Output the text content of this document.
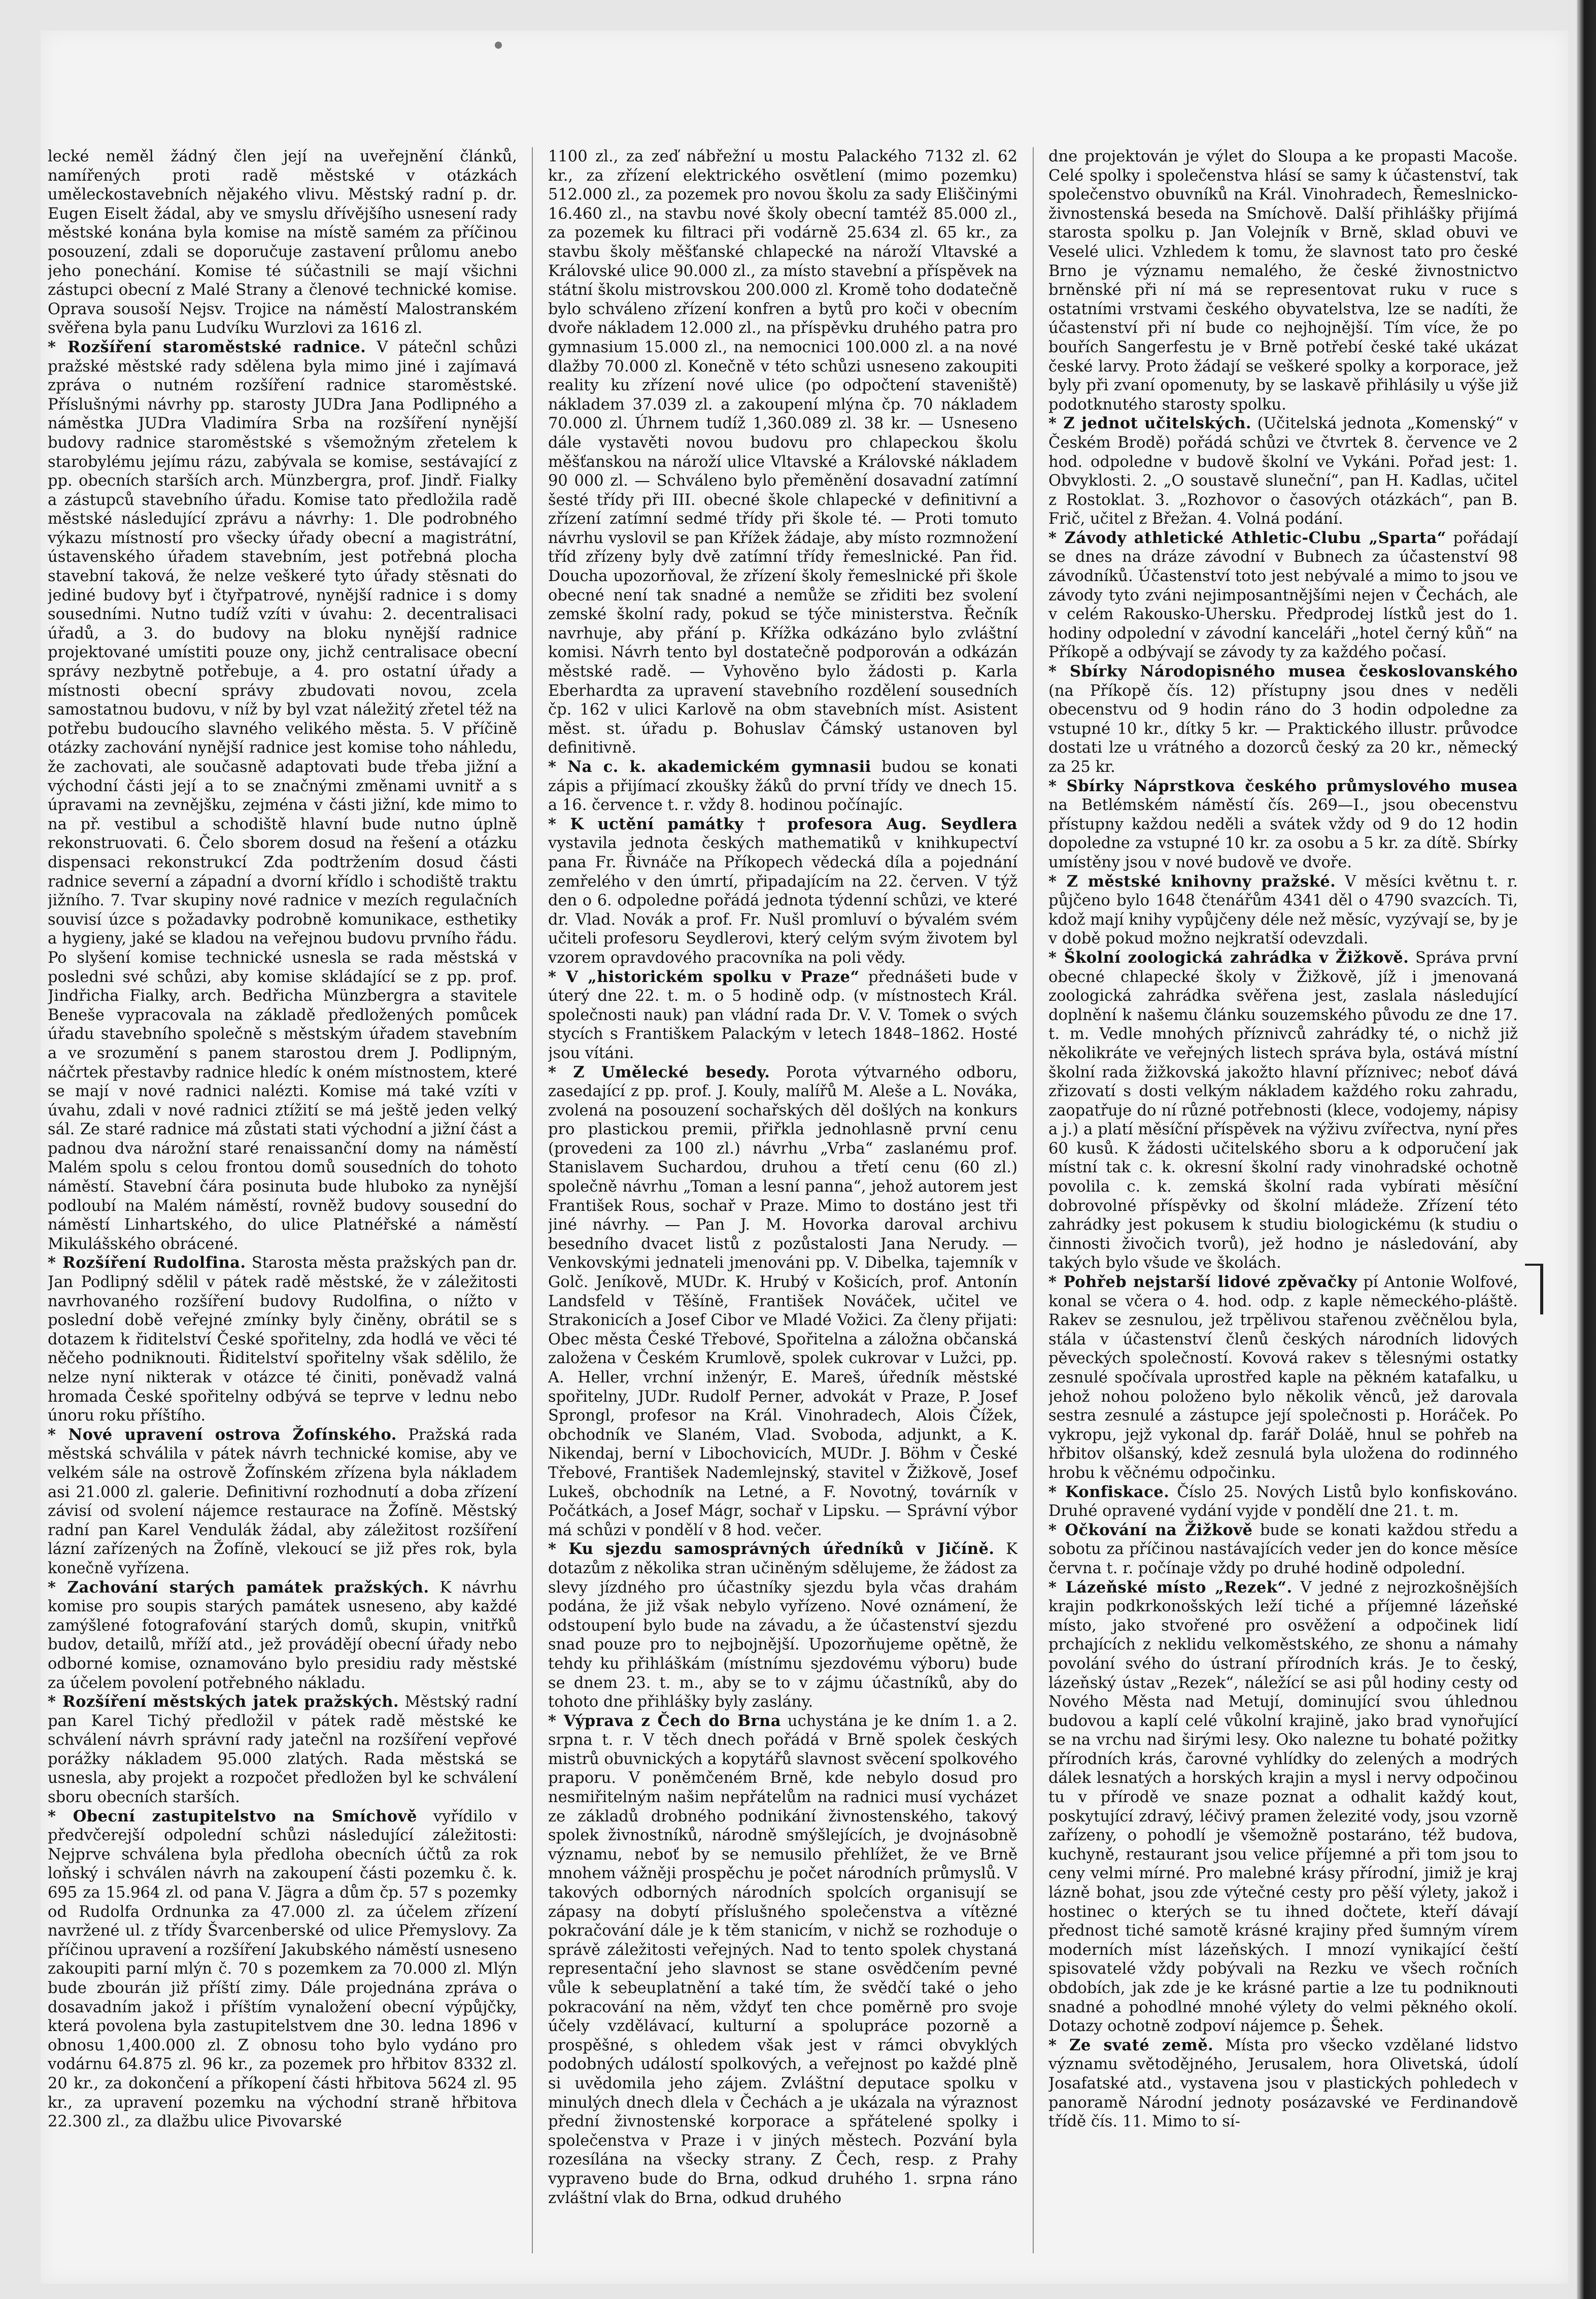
lecké neměl žádný člen její na uveřejnění článků, namířených proti radě městské v otázkách uměleckostavebních nějakého vlivu. Městský radní p. dr. Eugen Eiselt žádal, aby ve smyslu dřívějšího usnesení rady městské konána byla komise na místě samém za příčinou posouzení, zdali se doporučuje zastavení průlomu anebo jeho ponechání. Komise té súčastnili se mají všichni zástupci obecní z Malé Strany a členové technické komise. Oprava sousoší Nejsv. Trojice na náměstí Malostranském svěřena byla panu Ludvíku Wurzlovi za 1616 zl.

* Rozšíření staroměstské radnice. V pátečnl schůzi pražské městské rady sdělena byla mimo jiné i zajímavá zpráva o nutném rozšíření radnice staroměstské. Příslušnými návrhy pp. starosty JUDra Jana Podlipného a náměstka JUDra Vladimíra Srba na rozšíření nynější budovy radnice staroměstské s všemožným zřetelem k starobylému jejímu rázu, zabývala se komise, sestávající z pp. obecních starších arch. Münzbergra, prof. Jindř. Fialky a zástupců stavebního úřadu. Komise tato předložila radě městské následující zprávu a návrhy: 1. Dle podrobného výkazu místností pro všecky úřady obecní a magistrátní, ústavenského úřadem stavebním, jest potřebná plocha stavební taková, že nelze veškeré tyto úřady stěsnati do jediné budovy byť i čtyřpatrové, nynější radnice i s domy sousedními. Nutno tudíž vzíti v úvahu: 2. decentralisaci úřadů, a 3. do budovy na bloku nynější radnice projektované umístiti pouze ony, jichž centralisace obecní správy nezbytně potřebuje, a 4. pro ostatní úřady a místnosti obecní správy zbudovati novou, zcela samostatnou budovu, v níž by byl vzat náležitý zřetel též na potřebu budoucího slavného velikého města. 5. V příčině otázky zachování nynější radnice jest komise toho náhledu, že zachovati, ale současně adaptovati bude třeba jižní a východní části její a to se značnými změnami uvnitř a s úpravami na zevnějšku, zejména v části jižní, kde mimo to na př. vestibul a schodiště hlavní bude nutno úplně rekonstruovati. 6. Čelo sborem dosud na řešení a otázku dispensaci rekonstrukcí Zda podtržením dosud části radnice severní a západní a dvorní křídlo i schodiště traktu jižního. 7. Tvar skupiny nové radnice v mezích regulačních souvisí úzce s požadavky podrobně komunikace, esthetiky a hygieny, jaké se kladou na veřejnou budovu prvního řádu. Po slyšení komise technické usnesla se rada městská v posledni své schůzi, aby komise skládající se z pp. prof. Jindřicha Fialky, arch. Bedřicha Münzbergra a stavitele Beneše vypracovala na základě předložených pomůcek úřadu stavebního společně s městským úřadem stavebním a ve srozumění s panem starostou drem J. Podlipným, náčrtek přestavby radnice hledíc k oném místnostem, které se mají v nové radnici nalézti. Komise má také vzíti v úvahu, zdali v nové radnici ztížití se má ještě jeden velký sál. Ze staré radnice má zůstati stati východní a jižní část a padnou dva nárožní staré renaissanční domy na náměstí Malém spolu s celou frontou domů sousedních do tohoto náměstí. Stavební čára posinuta bude hluboko za nynější podloubí na Malém náměstí, rovněž budovy sousední do náměstí Linhartského, do ulice Platnéřské a náměstí Mikulášského obrácené.

* Rozšíření Rudolfina. Starosta města pražských pan dr. Jan Podlipný sdělil v pátek radě městské, že v záležitosti navrhovaného rozšíření budovy Rudolfina, o nížto v poslední době veřejné zmínky byly činěny, obrátil se s dotazem k řiditelství České spořitelny, zda hodlá ve věci té něčeho podniknouti. Řiditelství spořitelny však sdělilo, že nelze nyní nikterak v otázce té činiti, poněvadž valná hromada České spořitelny odbývá se teprve v lednu nebo únoru roku příštího.

* Nové upravení ostrova Žofínského. Pražská rada městská schválila v pátek návrh technické komise, aby ve velkém sále na ostrově Žofínském zřízena byla nákladem asi 21.000 zl. galerie. Definitivní rozhodnutí a doba zřízení závisí od svolení nájemce restaurace na Žofíně. Městský radní pan Karel Vendulák žádal, aby záležitost rozšíření lázní zařízených na Žofíně, vlekoucí se již přes rok, byla konečně vyřízena.

* Zachování starých památek pražských. K návrhu komise pro soupis starých památek usneseno, aby každé zamýšlené fotografování starých domů, skupin, vnitřků budov, detailů, mříží atd., jež provádějí obecní úřady nebo odborné komise, oznamováno bylo presidiu rady městské za účelem povolení potřebného nákladu.

* Rozšíření městských jatek pražských. Městský radní pan Karel Tichý předložil v pátek radě městské ke schválení návrh správní rady jatečnl na rozšíření vepřové porážky nákladem 95.000 zlatých. Rada městská se usnesla, aby projekt a rozpočet předložen byl ke schválení sboru obecních starších.

* Obecní zastupitelstvo na Smíchově vyřídilo v předvčerejší odpolední schůzi následující záležitosti: Nejprve schválena byla předloha obecních účtů za rok loňský i schválen návrh na zakoupení části pozemku č. k. 695 za 15.964 zl. od pana V. Jägra a dům čp. 57 s pozemky od Rudolfa Ordnunka za 47.000 zl. za účelem zřízení navržené ul. z třídy Švarcenberské od ulice Přemyslovy. Za příčinou upravení a rozšíření Jakubského náměstí usneseno zakoupiti parní mlýn č. 70 s pozemkem za 70.000 zl. Mlýn bude zbourán již příští zimy. Dále projednána zpráva o dosavadním jakož i příštím vynaložení obecní výpůjčky, která povolena byla zastupitelstvem dne 30. ledna 1896 v obnosu 1,400.000 zl. Z obnosu toho bylo vydáno pro vodárnu 64.875 zl. 96 kr., za pozemek pro hřbitov 8332 zl. 20 kr., za dokončení a příkopení části hřbitova 5624 zl. 95 kr., za upravení pozemku na východní straně hřbitova 22.300 zl., za dlažbu ulice Pivovarské

1100 zl., za zeď nábřežní u mostu Palackého 7132 zl. 62 kr., za zřízení elektrického osvětlení (mimo pozemku) 512.000 zl., za pozemek pro novou školu za sady Eliščinými 16.460 zl., na stavbu nové školy obecní tamtéž 85.000 zl., za pozemek ku filtraci při vodárně 25.634 zl. 65 kr., za stavbu školy měšťanské chlapecké na nároží Vltavské a Královské ulice 90.000 zl., za místo stavební a příspěvek na státní školu mistrovskou 200.000 zl. Kromě toho dodatečně bylo schváleno zřízení konfren a bytů pro koči v obecním dvoře nákladem 12.000 zl., na příspěvku druhého patra pro gymnasium 15.000 zl., na nemocnici 100.000 zl. a na nové dlažby 70.000 zl. Konečně v této schůzi usneseno zakoupiti reality ku zřízení nové ulice (po odpočtení staveniště) nákladem 37.039 zl. a zakoupení mlýna čp. 70 nákladem 70.000 zl. Úhrnem tudíž 1,360.089 zl. 38 kr. — Usneseno dále vystavěti novou budovu pro chlapeckou školu měšťanskou na nároží ulice Vltavské a Královské nákladem 90 000 zl. — Schváleno bylo přeměnění dosavadní zatímní šesté třídy při III. obecné škole chlapecké v definitivní a zřízení zatímní sedmé třídy při škole té. — Proti tomuto návrhu vyslovil se pan Křížek žádaje, aby místo rozmnožení tříd zřízeny byly dvě zatímní třídy řemeslnické. Pan řid. Doucha upozorňoval, že zřízení školy řemeslnické při škole obecné není tak snadné a nemůže se zřiditi bez svolení zemské školní rady, pokud se týče ministerstva. Řečník navrhuje, aby přání p. Křížka odkázáno bylo zvláštní komisi. Návrh tento byl dostatečně podporován a odkázán městské radě. — Vyhověno bylo žádosti p. Karla Eberhardta za upravení stavebního rozdělení sousedních čp. 162 v ulici Karlově na obm stavebních míst. Asistent měst. st. úřadu p. Bohuslav Čámský ustanoven byl definitivně.

* Na c. k. akademickém gymnasii budou se konati zápis a přijímací zkoušky žáků do první třídy ve dnech 15. a 16. července t. r. vždy 8. hodinou počínajíc.

* K uctění památky † profesora Aug. Seydlera vystavila jednota českých mathematiků v knihkupectví pana Fr. Řivnáče na Příkopech vědecká díla a pojednání zemřelého v den úmrtí, připadajícím na 22. červen. V týž den o 6. odpoledne pořádá jednota týdenní schůzi, ve které dr. Vlad. Novák a prof. Fr. Nušl promluví o bývalém svém učiteli profesoru Seydlerovi, který celým svým životem byl vzorem opravdového pracovníka na poli vědy.

* V „historickém spolku v Praze“ přednášeti bude v úterý dne 22. t. m. o 5 hodině odp. (v místnostech Král. společnosti nauk) pan vládní rada Dr. V. V. Tomek o svých stycích s Františkem Palackým v letech 1848–1862. Hosté jsou vítáni.

* Z Umělecké besedy. Porota výtvarného odboru, zasedající z pp. prof. J. Kouly, malířů M. Aleše a L. Nováka, zvolená na posouzení sochařských děl došlých na konkurs pro plastickou premii, přiřkla jednohlasně první cenu (provedeni za 100 zl.) návrhu „Vrba“ zaslanému prof. Stanislavem Suchardou, druhou a třetí cenu (60 zl.) společně návrhu „Toman a lesní panna“, jehož autorem jest František Rous, sochař v Praze. Mimo to dostáno jest tři jiné návrhy. — Pan J. M. Hovorka daroval archivu besedního dvacet listů z pozůstalosti Jana Nerudy. — Venkovskými jednateli jmenováni pp. V. Dibelka, tajemník v Golč. Jeníkově, MUDr. K. Hrubý v Košicích, prof. Antonín Landsfeld v Těšíně, František Nováček, učitel ve Strakonicích a Josef Cibor ve Mladé Vožici. Za členy přijati: Obec města České Třebové, Spořitelna a záložna občanská založena v Českém Krumlově, spolek cukrovar v Lužci, pp. A. Heller, vrchní inženýr, E. Mareš, úředník městské spořitelny, JUDr. Rudolf Perner, advokát v Praze, P. Josef Sprongl, profesor na Král. Vinohradech, Alois Čížek, obchodník ve Slaném, Vlad. Svoboda, adjunkt, a K. Nikendaj, berní v Libochovicích, MUDr. J. Böhm v České Třebové, František Nademlejnský, stavitel v Žižkově, Josef Lukeš, obchodník na Letné, a F. Novotný, továrník v Počátkách, a Josef Mágr, sochař v Lipsku. — Správní výbor má schůzi v pondělí v 8 hod. večer.

* Ku sjezdu samosprávných úředníků v Jičíně. K dotazům z několika stran učiněným sdělujeme, že žádost za slevy jízdného pro účastníky sjezdu byla včas drahám podána, že již však nebylo vyřízeno. Nové oznámení, že odstoupení bylo bude na závadu, a že účastenství sjezdu snad pouze pro to nejbojnější. Upozorňujeme opětně, že tehdy ku přihláškám (místnímu sjezdovému výboru) bude se dnem 23. t. m., aby se to v zájmu účastníků, aby do tohoto dne přihlášky byly zaslány.

* Výprava z Čech do Brna uchystána je ke dním 1. a 2. srpna t. r. V těch dnech pořádá v Brně spolek českých mistrů obuvnických a kopytářů slavnost svěcení spolkového praporu. V poněmčeném Brně, kde nebylo dosud pro nesmiřitelným našim nepřátelům na radnici musí vycházet ze základů drobného podnikání živnostenského, takový spolek živnostníků, národně smýšlejících, je dvojnásobně významu, neboť by se nemusilo přehlížet, že ve Brně mnohem vážněji prospěchu je počet národních průmyslů. V takových odborných národních spolcích organisují se zápasy na dobytí příslušného společenstva a vítězné pokračování dále je k těm stanicím, v nichž se rozhoduje o správě záležitosti veřejných. Nad to tento spolek chystaná representační jeho slavnost se stane osvědčením pevné vůle k sebeuplatnění a také tím, že svědčí také o jeho pokracování na něm, vždyť ten chce poměrně pro svoje účely vzdělávací, kulturní a spolupráce pozorně a prospěšné, s ohledem však jest v rámci obvyklých podobných událostí spolkových, a veřejnost po každé plně si uvědomila jeho zájem. Zvláštní deputace spolku v minulých dnech dlela v Čechách a je ukázala na výraznost přední živnostenské korporace a spřátelené spolky i společenstva v Praze i v jiných městech. Pozvání byla rozesílána na všecky strany. Z Čech, resp. z Prahy vypraveno bude do Brna, odkud druhého 1. srpna ráno zvláštní vlak do Brna, odkud druhého

dne projektován je výlet do Sloupa a ke propasti Macoše. Celé spolky i společenstva hlásí se samy k účastenství, tak společenstvo obuvníků na Král. Vinohradech, Řemeslnicko-živnostenská beseda na Smíchově. Další přihlášky přijímá starosta spolku p. Jan Volejník v Brně, sklad obuvi ve Veselé ulici. Vzhledem k tomu, že slavnost tato pro české Brno je významu nemalého, že české živnostnictvo brněnské při ní má se representovat ruku v ruce s ostatními vrstvami českého obyvatelstva, lze se nadíti, že účastenství při ní bude co nejhojnější. Tím více, že po bouřích Sangerfestu je v Brně potřebí české také ukázat české larvy. Proto žádají se veškeré spolky a korporace, jež byly při zvaní opomenuty, by se laskavě přihlásily u výše již podotknutého starosty spolku.

* Z jednot učitelských. (Učitelská jednota „Komenský“ v Českém Brodě) pořádá schůzi ve čtvrtek 8. července ve 2 hod. odpoledne v budově školní ve Vykáni. Pořad jest: 1. Obvyklosti. 2. „O soustavě sluneční“, pan H. Kadlas, učitel z Rostoklat. 3. „Rozhovor o časových otázkách“, pan B. Frič, učitel z Břežan. 4. Volná podání.

* Závody athletické Athletic-Clubu „Sparta“ pořádají se dnes na dráze závodní v Bubnech za účastenství 98 závodníků. Účastenství toto jest nebývalé a mimo to jsou ve závody tyto zváni nejimposantnějšími nejen v Čechách, ale v celém Rakousko-Uhersku. Předprodej lístků jest do 1. hodiny odpolední v závodní kanceláři „hotel černý kůň“ na Příkopě a odbývají se závody ty za každého počasí.

* Sbírky Národopisného musea českoslovanského (na Příkopě čís. 12) přístupny jsou dnes v neděli obecenstvu od 9 hodin ráno do 3 hodin odpoledne za vstupné 10 kr., dítky 5 kr. — Praktického illustr. průvodce dostati lze u vrátného a dozorců český za 20 kr., německý za 25 kr.

* Sbírky Náprstkova českého průmyslového musea na Betlémském náměstí čís. 269—I., jsou obecenstvu přístupny každou neděli a svátek vždy od 9 do 12 hodin dopoledne za vstupné 10 kr. za osobu a 5 kr. za dítě. Sbírky umístěny jsou v nové budově ve dvoře.

* Z městské knihovny pražské. V měsíci květnu t. r. půjčeno bylo 1648 čtenářům 4341 děl o 4790 svazcích. Ti, kdož mají knihy vypůjčeny déle než měsíc, vyzývají se, by je v době pokud možno nejkratší odevzdali.

* Školní zoologická zahrádka v Žižkově. Správa první obecné chlapecké školy v Žižkově, jíž i jmenovaná zoologická zahrádka svěřena jest, zaslala následující doplnění k našemu článku souzemského původu ze dne 17. t. m. Vedle mnohých příznivců zahrádky té, o nichž již několikráte ve veřejných listech správa byla, ostává místní školní rada žižkovská jakožto hlavní příznivec; neboť dává zřizovatí s dosti velkým nákladem každého roku zahradu, zaopatřuje do ní různé potřebnosti (klece, vodojemy, nápisy a j.) a platí měsíční příspěvek na výživu zvířectva, nyní přes 60 kusů. K žádosti učitelského sboru a k odporučení jak místní tak c. k. okresní školní rady vinohradské ochotně povolila c. k. zemská školní rada vybírati měsíční dobrovolné příspěvky od školní mládeže. Zřízení této zahrádky jest pokusem k studiu biologickému (k studiu o činnosti živočich tvorů), jež hodno je následování, aby takých bylo všude ve školách.

* Pohřeb nejstarší lidové zpěvačky pí Antonie Wolfové, konal se včera o 4. hod. odp. z kaple německého-pláště. Rakev se zesnulou, jež trpělivou stařenou zvěčnělou byla, stála v účastenství členů českých národních lidových pěveckých společností. Kovová rakev s tělesnými ostatky zesnulé spočívala uprostřed kaple na pěkném katafalku, u jehož nohou položeno bylo několik věnců, jež darovala sestra zesnulé a zástupce její společnosti p. Horáček. Po vykropu, jejž vykonal dp. farář Doláě, hnul se pohřeb na hřbitov olšanský, kdež zesnulá byla uložena do rodinného hrobu k věčnému odpočinku.

* Konfiskace. Číslo 25. Nových Listů bylo konfiskováno. Druhé opravené vydání vyjde v pondělí dne 21. t. m.

* Očkování na Žižkově bude se konati každou středu a sobotu za příčinou nastávajících veder jen do konce měsíce června t. r. počínaje vždy po druhé hodině odpolední.

* Lázeňské místo „Rezek“. V jedné z nejrozkošnějších krajin podkrkonošských leží tiché a příjemné lázeňské místo, jako stvořené pro osvěžení a odpočinek lidí prchajících z neklidu velkoměstského, ze shonu a námahy povolání svého do ústraní přírodních krás. Je to český, lázeňský ústav „Rezek“, náležící se asi půl hodiny cesty od Nového Města nad Metují, dominující svou úhlednou budovou a kaplí celé vůkolní krajině, jako brad vynořující se na vrchu nad širými lesy. Oko nalezne tu bohaté požitky přírodních krás, čarovné vyhlídky do zelených a modrých dálek lesnatých a horských krajin a mysl i nervy odpočinou tu v přírodě ve snaze poznat a odhalit každý kout, poskytující zdravý, léčivý pramen železité vody, jsou vzorně zařízeny, o pohodlí je všemožně postaráno, též budova, kuchyně, restaurant jsou velice příjemné a při tom jsou to ceny velmi mírné. Pro malebné krásy přírodní, jimiž je kraj lázně bohat, jsou zde výtečné cesty pro pěší výlety, jakož i hostinec o kterých se tu ihned dočtete, kteří dávají přednost tiché samotě krásné krajiny před šumným vírem moderních míst lázeňských. I mnozí vynikající čeští spisovatelé vždy pobývali na Rezku ve všech ročních obdobích, jak zde je ke krásné partie a lze tu podniknouti snadné a pohodlné mnohé výlety do velmi pěkného okolí. Dotazy ochotně zodpoví nájemce p. Šehek.

* Ze svaté země. Místa pro všecko vzdělané lidstvo významu světodějného, Jerusalem, hora Olivetská, údolí Josafatské atd., vystavena jsou v plastických pohledech v panoramě Národní jednoty posázavské ve Ferdinandově třídě čís. 11. Mimo to sí-
